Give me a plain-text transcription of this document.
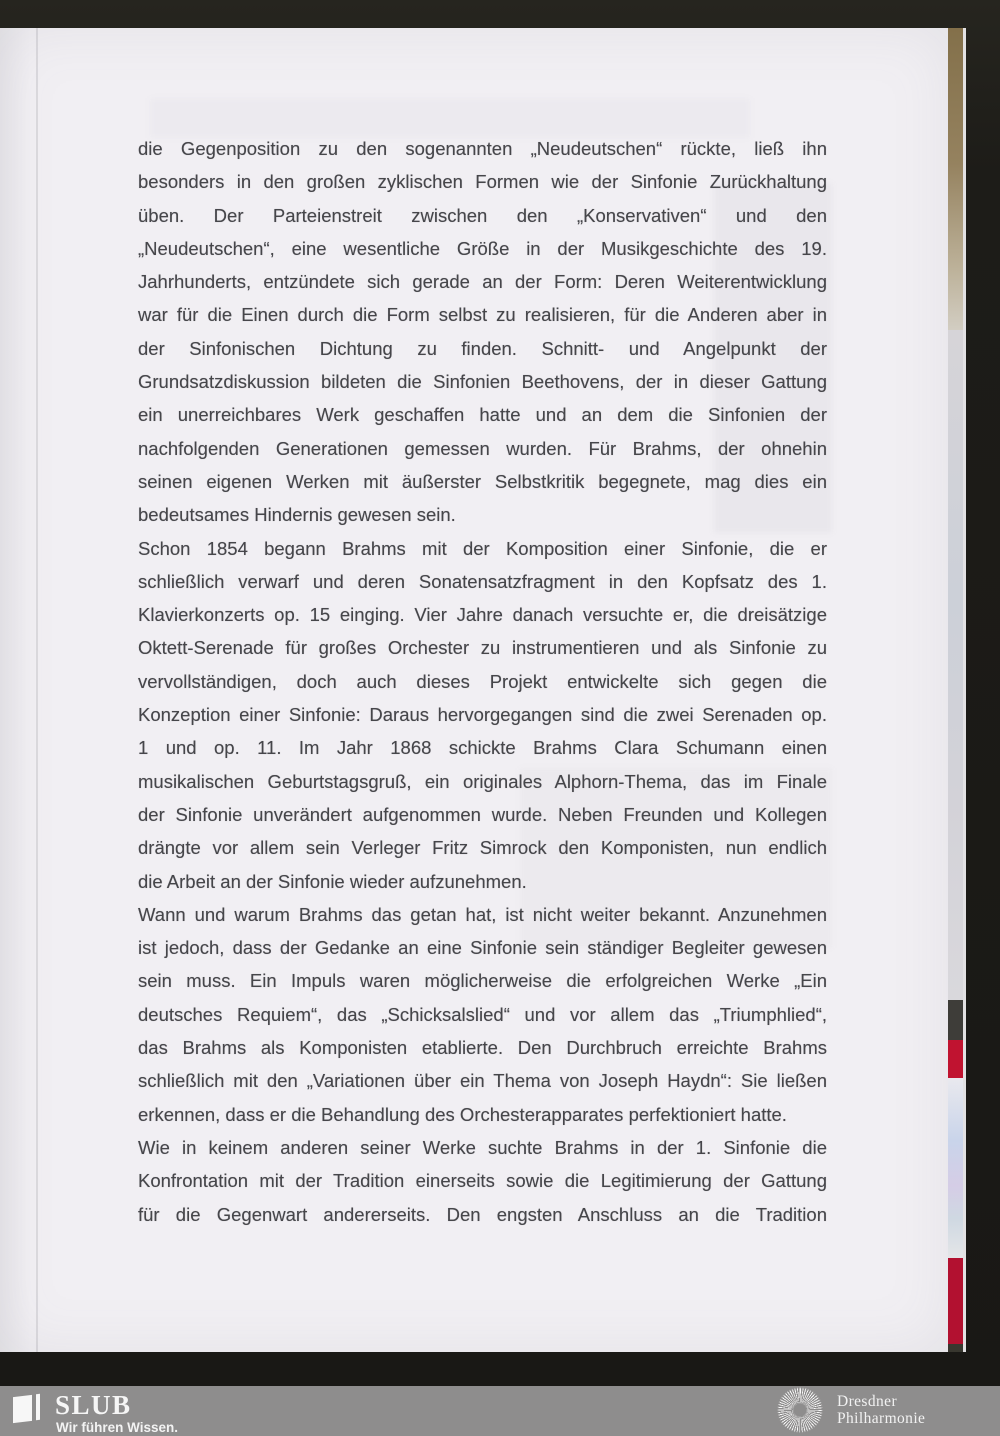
die Gegenposition zu den sogenannten „Neudeutschen“ rückte, ließ ihn
besonders in den großen zyklischen Formen wie der Sinfonie Zurückhaltung
üben. Der Parteienstreit zwischen den „Konservativen“ und den
„Neudeutschen“, eine wesentliche Größe in der Musikgeschichte des 19.
Jahrhunderts, entzündete sich gerade an der Form: Deren Weiterentwicklung
war für die Einen durch die Form selbst zu realisieren, für die Anderen aber in
der Sinfonischen Dichtung zu finden. Schnitt- und Angelpunkt der
Grundsatzdiskussion bildeten die Sinfonien Beethovens, der in dieser Gattung
ein unerreichbares Werk geschaffen hatte und an dem die Sinfonien der
nachfolgenden Generationen gemessen wurden. Für Brahms, der ohnehin
seinen eigenen Werken mit äußerster Selbstkritik begegnete, mag dies ein
bedeutsames Hindernis gewesen sein.
Schon 1854 begann Brahms mit der Komposition einer Sinfonie, die er
schließlich verwarf und deren Sonatensatzfragment in den Kopfsatz des 1.
Klavierkonzerts op. 15 einging. Vier Jahre danach versuchte er, die dreisätzige
Oktett-Serenade für großes Orchester zu instrumentieren und als Sinfonie zu
vervollständigen, doch auch dieses Projekt entwickelte sich gegen die
Konzeption einer Sinfonie: Daraus hervorgegangen sind die zwei Serenaden op.
1 und op. 11. Im Jahr 1868 schickte Brahms Clara Schumann einen
musikalischen Geburtstagsgruß, ein originales Alphorn-Thema, das im Finale
der Sinfonie unverändert aufgenommen wurde. Neben Freunden und Kollegen
drängte vor allem sein Verleger Fritz Simrock den Komponisten, nun endlich
die Arbeit an der Sinfonie wieder aufzunehmen.
Wann und warum Brahms das getan hat, ist nicht weiter bekannt. Anzunehmen
ist jedoch, dass der Gedanke an eine Sinfonie sein ständiger Begleiter gewesen
sein muss. Ein Impuls waren möglicherweise die erfolgreichen Werke „Ein
deutsches Requiem“, das „Schicksalslied“ und vor allem das „Triumphlied“,
das Brahms als Komponisten etablierte. Den Durchbruch erreichte Brahms
schließlich mit den „Variationen über ein Thema von Joseph Haydn“: Sie ließen
erkennen, dass er die Behandlung des Orchesterapparates perfektioniert hatte.
Wie in keinem anderen seiner Werke suchte Brahms in der 1. Sinfonie die
Konfrontation mit der Tradition einerseits sowie die Legitimierung der Gattung
für die Gegenwart andererseits. Den engsten Anschluss an die Tradition
SLUB
Wir führen Wissen.
Dresdner
Philharmonie
